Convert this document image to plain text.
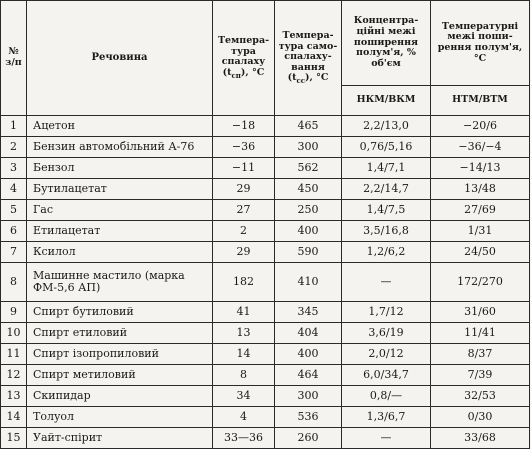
№ з/п	Речовина	Темпера-тура спалаху $(t_{сп})$, °С	Темпера-тура само-спалаху-вання $(t_{сс})$, °С	Концентра-ційні межі поширення полум'я, % об'єм	Температурні межі поши-рення полум'я, °С
				НКМ/ВКМ	НТМ/ВТМ
1	Ацетон	−18	465	2,2/13,0	−20/6
2	Бензин автомобільний А-76	−36	300	0,76/5,16	−36/−4
3	Бензол	−11	562	1,4/7,1	−14/13
4	Бутилацетат	29	450	2,2/14,7	13/48
5	Гас	27	250	1,4/7,5	27/69
6	Етилацетат	2	400	3,5/16,8	1/31
7	Ксилол	29	590	1,2/6,2	24/50
8	Машинне мастило (марка ФМ-5,6 АП)	182	410	—	172/270
9	Спирт бутиловий	41	345	1,7/12	31/60
10	Спирт етиловий	13	404	3,6/19	11/41
11	Спирт ізопропиловий	14	400	2,0/12	8/37
12	Спирт метиловий	8	464	6,0/34,7	7/39
13	Скипидар	34	300	0,8/—	32/53
14	Толуол	4	536	1,3/6,7	0/30
15	Уайт-спірит	33—36	260	—	33/68
